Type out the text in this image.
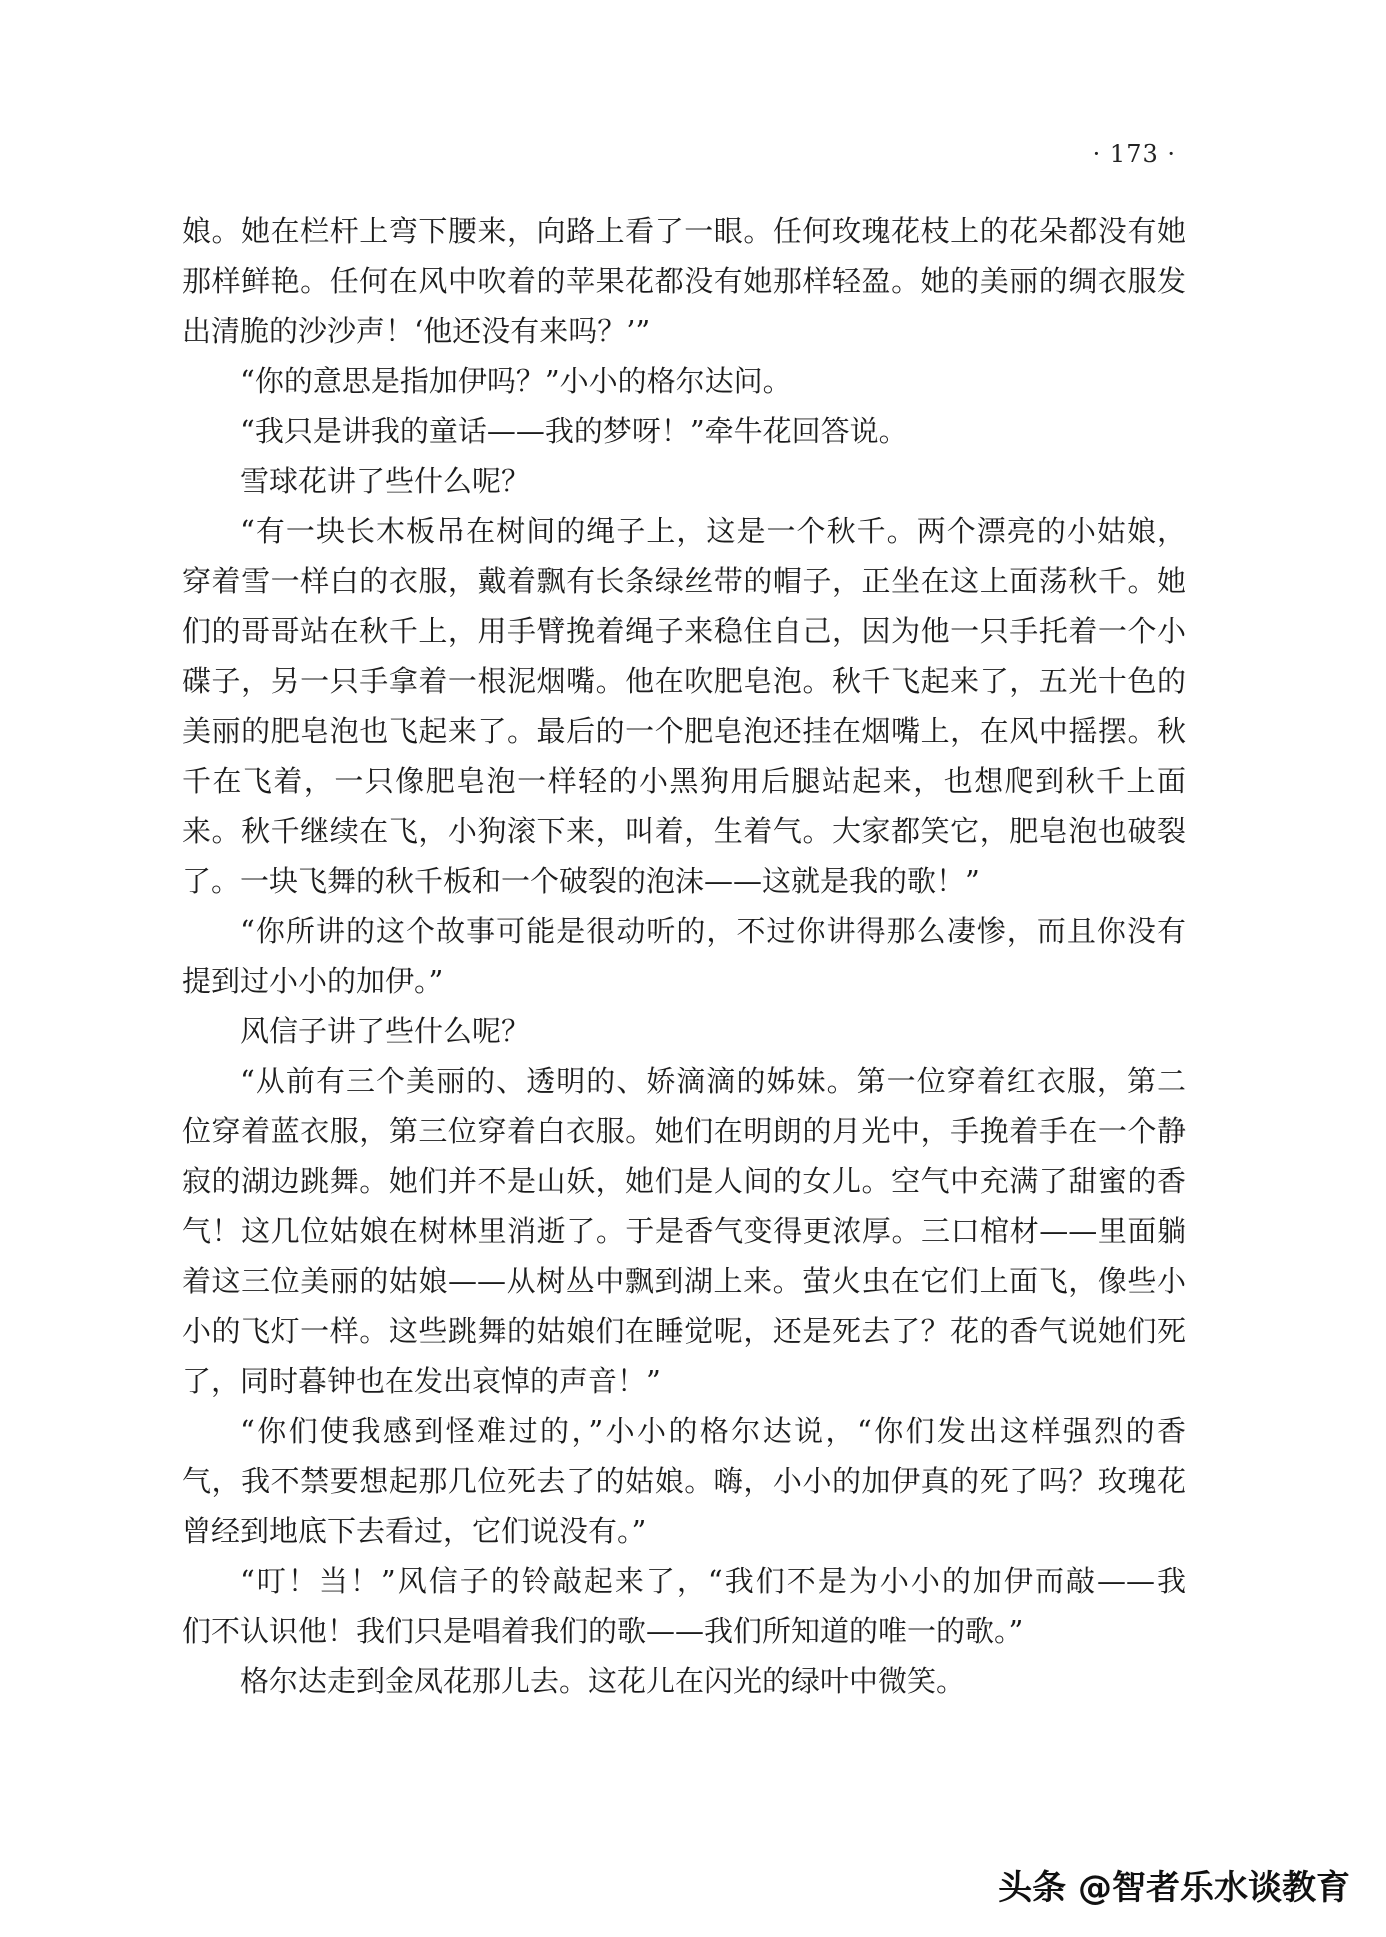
· 173 ·
娘。她在栏杆上弯下腰来，向路上看了一眼。任何玫瑰花枝上的花朵都没有她
那样鲜艳。任何在风中吹着的苹果花都没有她那样轻盈。她的美丽的绸衣服发
出清脆的沙沙声！‘他还没有来吗？’”
“你的意思是指加伊吗？”小小的格尔达问。
“我只是讲我的童话——我的梦呀！”牵牛花回答说。
雪球花讲了些什么呢？
“有一块长木板吊在树间的绳子上，这是一个秋千。两个漂亮的小姑娘，
穿着雪一样白的衣服，戴着飘有长条绿丝带的帽子，正坐在这上面荡秋千。她
们的哥哥站在秋千上，用手臂挽着绳子来稳住自己，因为他一只手托着一个小
碟子，另一只手拿着一根泥烟嘴。他在吹肥皂泡。秋千飞起来了，五光十色的
美丽的肥皂泡也飞起来了。最后的一个肥皂泡还挂在烟嘴上，在风中摇摆。秋
千在飞着，一只像肥皂泡一样轻的小黑狗用后腿站起来，也想爬到秋千上面
来。秋千继续在飞，小狗滚下来，叫着，生着气。大家都笑它，肥皂泡也破裂
了。一块飞舞的秋千板和一个破裂的泡沫——这就是我的歌！”
“你所讲的这个故事可能是很动听的，不过你讲得那么凄惨，而且你没有
提到过小小的加伊。”
风信子讲了些什么呢？
“从前有三个美丽的、透明的、娇滴滴的姊妹。第一位穿着红衣服，第二
位穿着蓝衣服，第三位穿着白衣服。她们在明朗的月光中，手挽着手在一个静
寂的湖边跳舞。她们并不是山妖，她们是人间的女儿。空气中充满了甜蜜的香
气！这几位姑娘在树林里消逝了。于是香气变得更浓厚。三口棺材——里面躺
着这三位美丽的姑娘——从树丛中飘到湖上来。萤火虫在它们上面飞，像些小
小的飞灯一样。这些跳舞的姑娘们在睡觉呢，还是死去了？花的香气说她们死
了，同时暮钟也在发出哀悼的声音！”
“你们使我感到怪难过的，”小小的格尔达说，“你们发出这样强烈的香
气，我不禁要想起那几位死去了的姑娘。嗨，小小的加伊真的死了吗？玫瑰花
曾经到地底下去看过，它们说没有。”
“叮！当！”风信子的铃敲起来了，“我们不是为小小的加伊而敲——我
们不认识他！我们只是唱着我们的歌——我们所知道的唯一的歌。”
格尔达走到金凤花那儿去。这花儿在闪光的绿叶中微笑。
头条 @智者乐水谈教育
